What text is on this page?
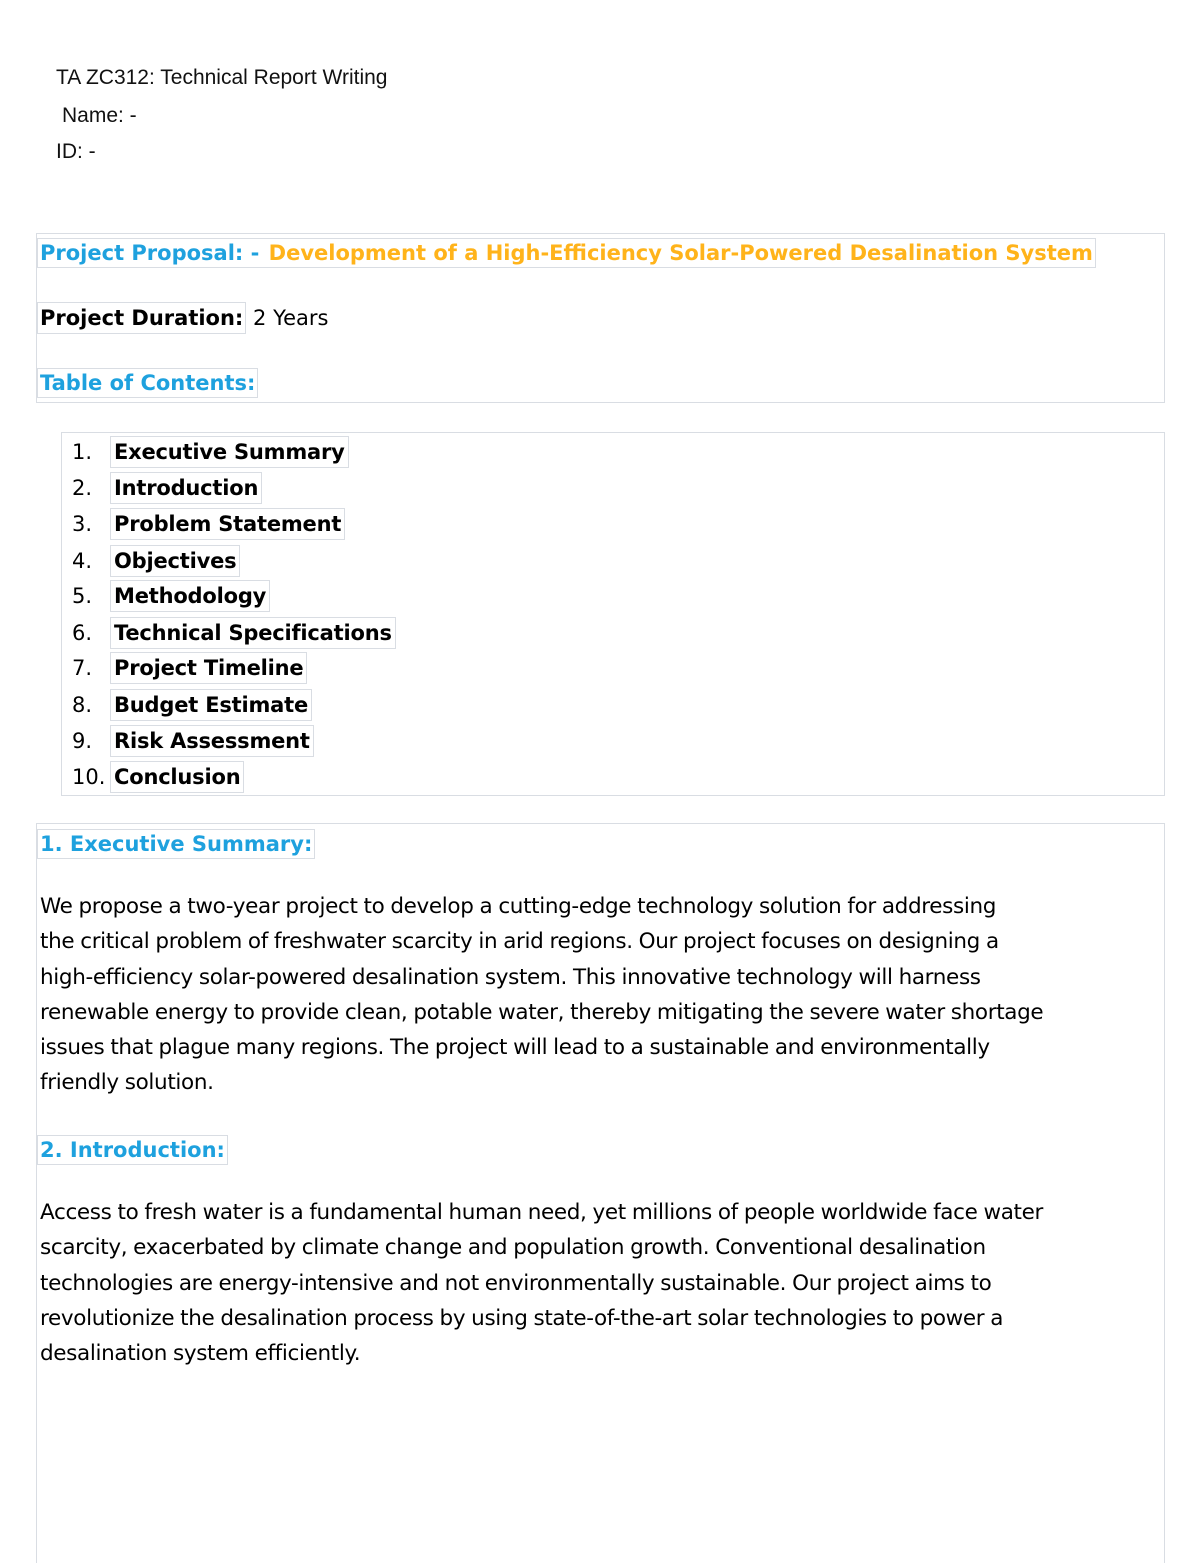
TA ZC312: Technical Report Writing
Name: -
ID: -
Project Proposal: - Development of a High-Efficiency Solar-Powered Desalination System
Project Duration: 2 Years
Table of Contents:
1. Executive Summary
2. Introduction
3. Problem Statement
4. Objectives
5. Methodology
6. Technical Specifications
7. Project Timeline
8. Budget Estimate
9. Risk Assessment
10. Conclusion
1. Executive Summary:
We propose a two-year project to develop a cutting-edge technology solution for addressing
the critical problem of freshwater scarcity in arid regions. Our project focuses on designing a
high-efficiency solar-powered desalination system. This innovative technology will harness
renewable energy to provide clean, potable water, thereby mitigating the severe water shortage
issues that plague many regions. The project will lead to a sustainable and environmentally
friendly solution.
2. Introduction:
Access to fresh water is a fundamental human need, yet millions of people worldwide face water
scarcity, exacerbated by climate change and population growth. Conventional desalination
technologies are energy-intensive and not environmentally sustainable. Our project aims to
revolutionize the desalination process by using state-of-the-art solar technologies to power a
desalination system efficiently.
